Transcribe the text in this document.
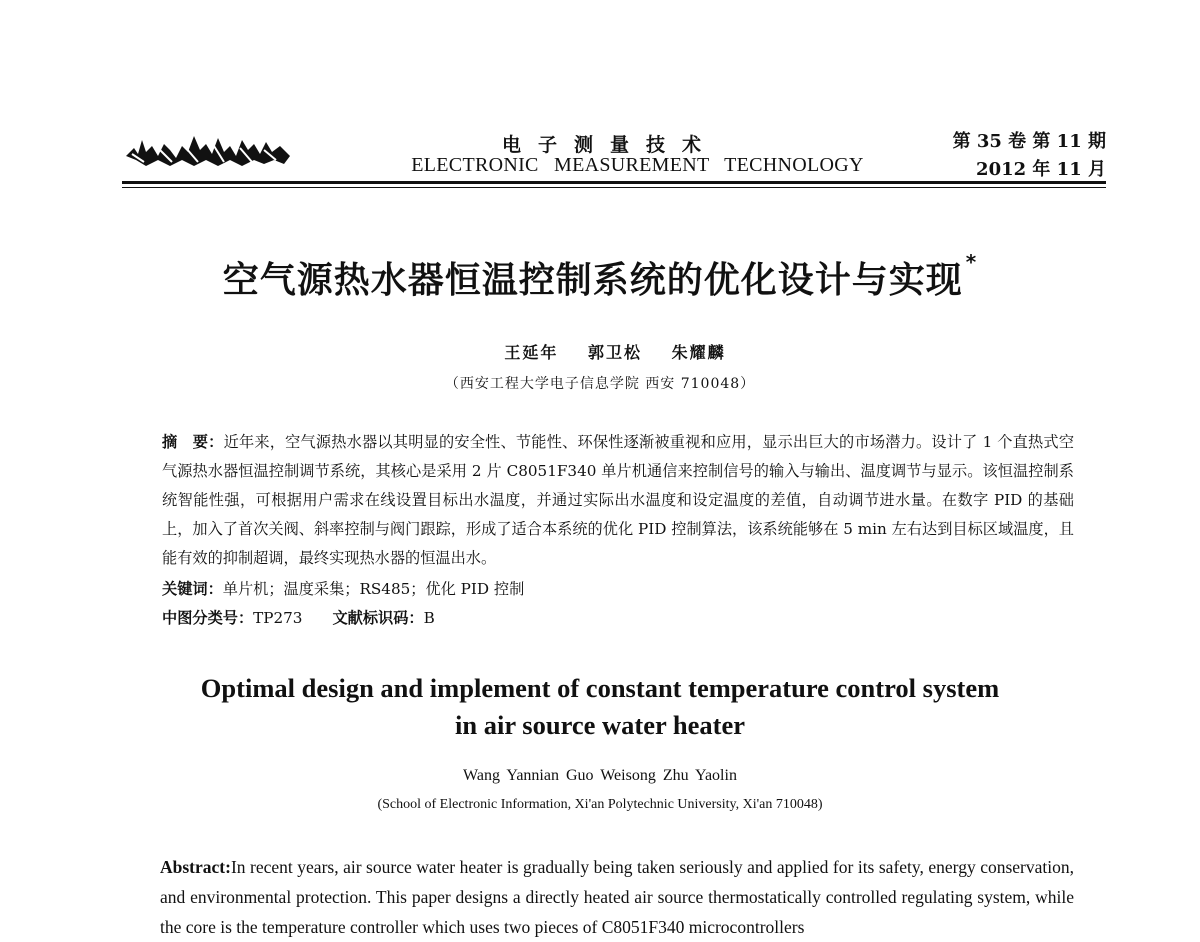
电子测量技术
ELECTRONIC MEASUREMENT TECHNOLOGY
第 35 卷 第 11 期
2012 年 11 月
空气源热水器恒温控制系统的优化设计与实现 *
王延年 郭卫松 朱耀麟
（西安工程大学电子信息学院 西安 710048）
摘　要：近年来，空气源热水器以其明显的安全性、节能性、环保性逐渐被重视和应用，显示出巨大的市场潜力。设计了 1 个直热式空气源热水器恒温控制调节系统，其核心是采用 2 片 C8051F340 单片机通信来控制信号的输入与输出、温度调节与显示。该恒温控制系统智能性强，可根据用户需求在线设置目标出水温度，并通过实际出水温度和设定温度的差值，自动调节进水量。在数字 PID 的基础上，加入了首次关阀、斜率控制与阀门跟踪，形成了适合本系统的优化 PID 控制算法，该系统能够在 5 min 左右达到目标区域温度，且能有效的抑制超调，最终实现热水器的恒温出水。
关键词：单片机；温度采集；RS485；优化 PID 控制
中图分类号：TP273 文献标识码：B
Optimal design and implement of constant temperature control system
in air source water heater
Wang Yannian Guo Weisong Zhu Yaolin
(School of Electronic Information, Xi'an Polytechnic University, Xi'an 710048)
Abstract:In recent years, air source water heater is gradually being taken seriously and applied for its safety, energy conservation, and environmental protection. This paper designs a directly heated air source thermostatically controlled regulating system, while the core is the temperature controller which uses two pieces of C8051F340 microcontrollers
